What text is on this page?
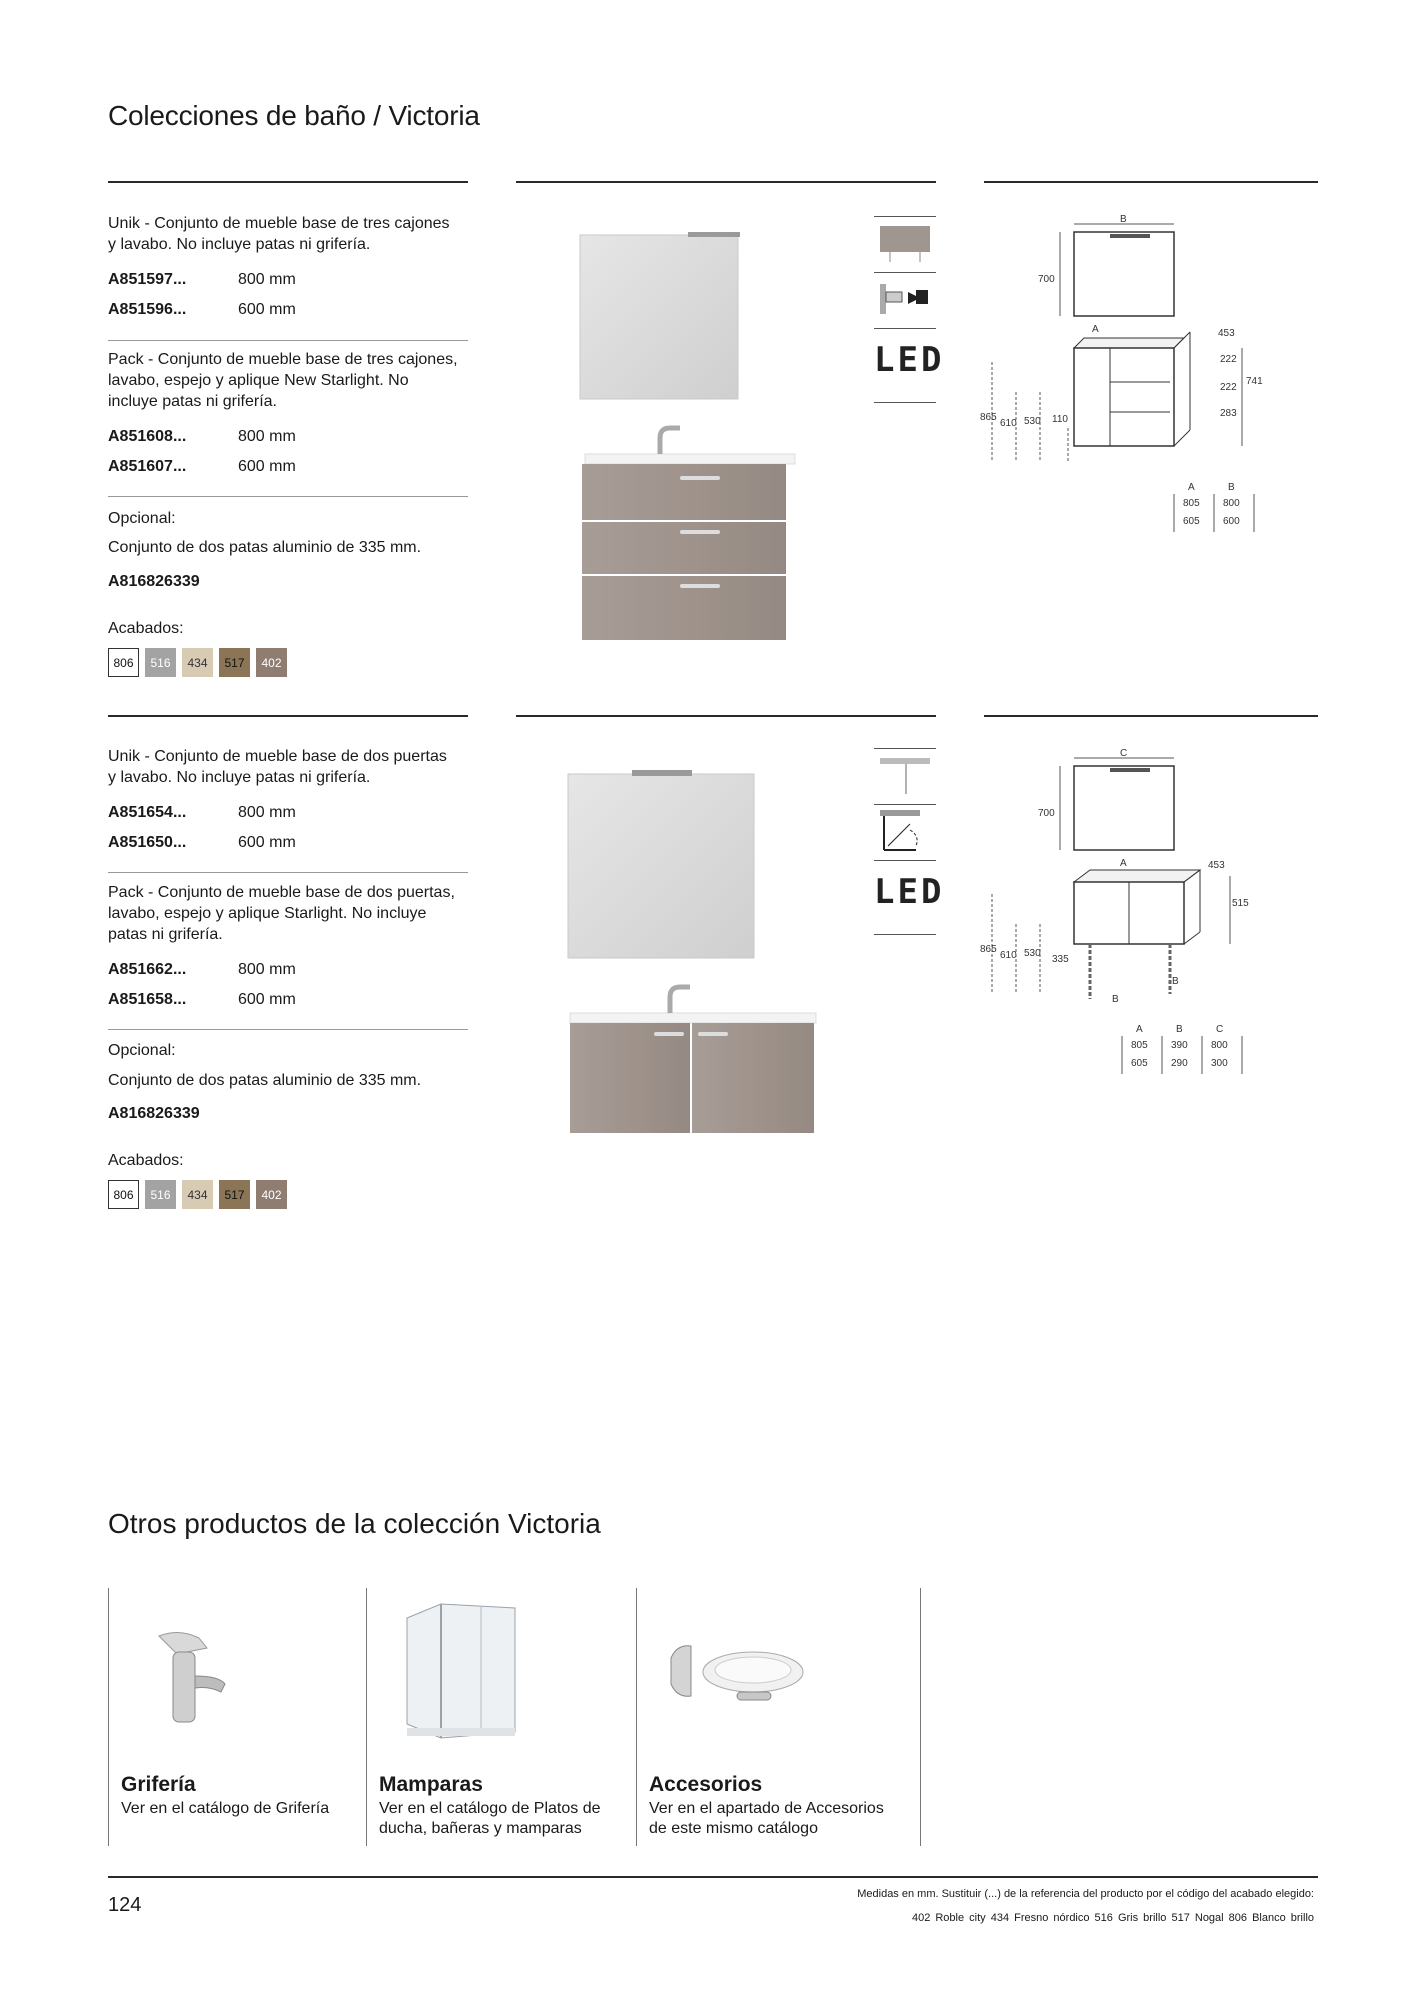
Colecciones de baño / Victoria
Unik - Conjunto de mueble base de tres cajones y lavabo. No incluye patas ni grifería.
A851597...	800 mm
A851596...	600 mm
Pack - Conjunto de mueble base de tres cajones, lavabo, espejo y aplique New Starlight. No incluye patas ni grifería.
A851608...	800 mm
A851607...	600 mm
Opcional:
Conjunto de dos patas aluminio de 335 mm.
A816826339
Acabados:
806	516	434	517	402
LED
B
700
A	453
222
222
741
283
865
610 530 110
A	B
805 800
605 600
Unik - Conjunto de mueble base de dos puertas y lavabo. No incluye patas ni grifería.
A851654...	800 mm
A851650...	600 mm
Pack - Conjunto de mueble base de dos puertas, lavabo, espejo y aplique Starlight. No incluye patas ni grifería.
A851662...	800 mm
A851658...	600 mm
Opcional:
Conjunto de dos patas aluminio de 335 mm.
A816826339
Acabados:
806	516	434	517	402
LED
C
700
A	453
515
865
610 530
335
B
B
A	B	C
805 390 800
605 290 300
Otros productos de la colección Victoria
Grifería

Ver en el catálogo de Grifería

Mamparas

Ver en el catálogo de Platos de ducha, bañeras y mamparas

Accesorios

Ver en el apartado de Accesorios de este mismo catálogo

124	Medidas en mm. Sustituir (...) de la referencia del producto por el código del acabado elegido:
402 Roble city 434 Fresno nórdico 516 Gris brillo 517 Nogal 806 Blanco brillo
